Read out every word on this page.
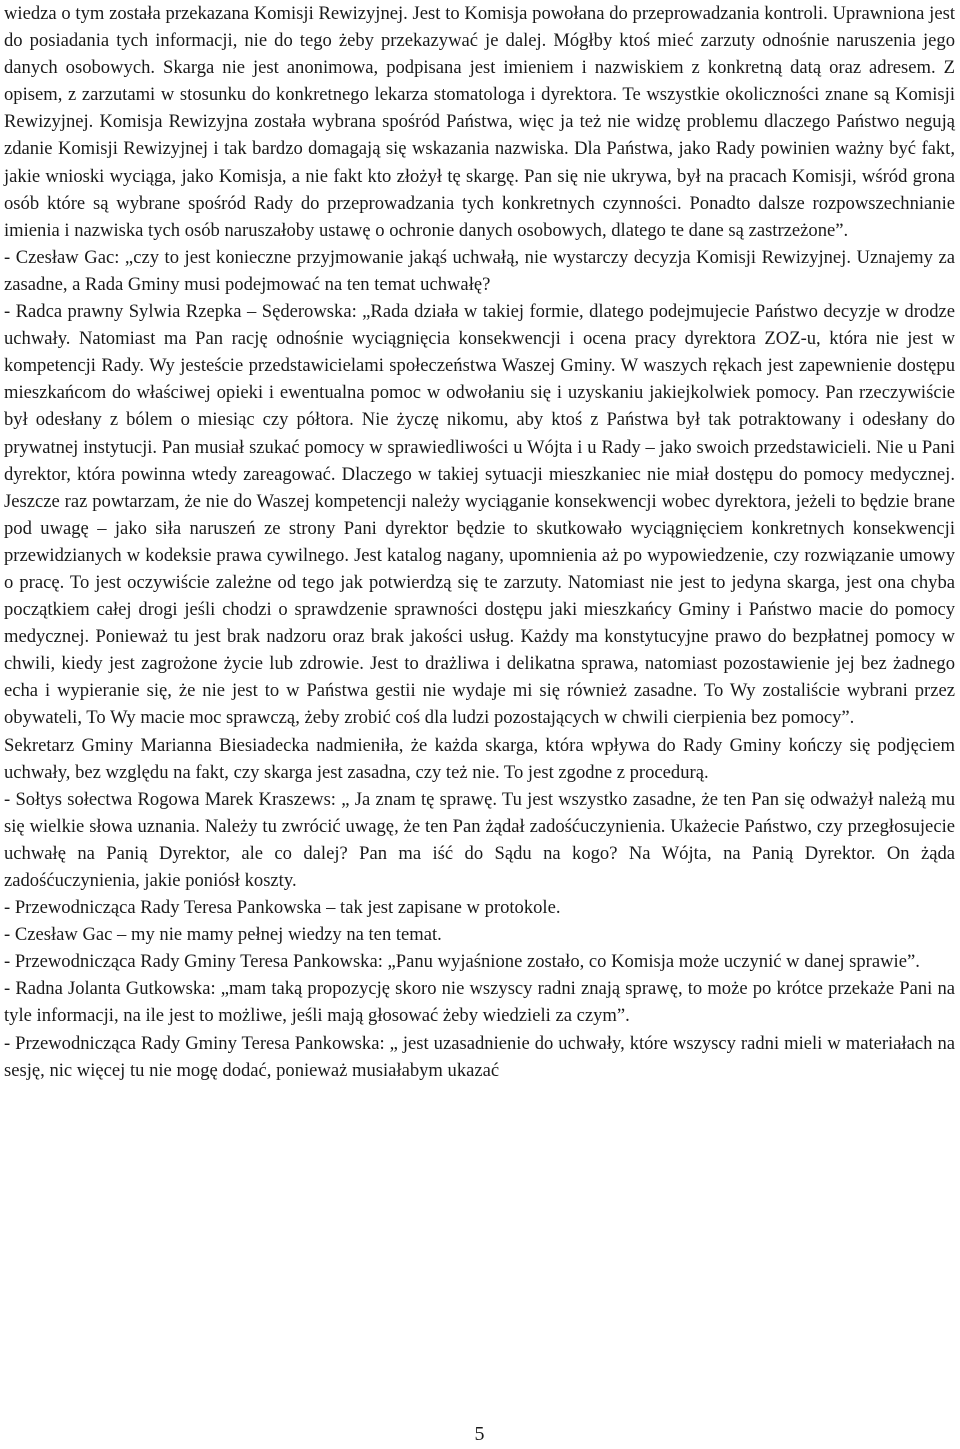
wiedza o tym została przekazana Komisji Rewizyjnej. Jest to Komisja powołana do przeprowadzania kontroli. Uprawniona jest do posiadania tych informacji, nie do tego żeby przekazywać je dalej. Mógłby ktoś mieć zarzuty odnośnie naruszenia jego danych osobowych. Skarga nie jest anonimowa, podpisana jest imieniem i nazwiskiem z konkretną datą oraz adresem. Z opisem, z zarzutami w stosunku do konkretnego lekarza stomatologa i dyrektora. Te wszystkie okoliczności znane są Komisji Rewizyjnej. Komisja Rewizyjna została wybrana spośród Państwa, więc ja też nie widzę problemu dlaczego Państwo negują zdanie Komisji Rewizyjnej i tak bardzo domagają się wskazania nazwiska. Dla Państwa, jako Rady powinien ważny być fakt, jakie wnioski wyciąga, jako Komisja, a nie fakt kto złożył tę skargę. Pan się nie ukrywa, był na pracach Komisji, wśród grona osób które są wybrane spośród Rady do przeprowadzania tych konkretnych czynności. Ponadto dalsze rozpowszechnianie imienia i nazwiska tych osób naruszałoby ustawę o ochronie danych osobowych, dlatego te dane są zastrzeżone”.

- Czesław Gac: „czy to jest konieczne przyjmowanie jakąś uchwałą, nie wystarczy decyzja Komisji Rewizyjnej. Uznajemy za zasadne, a Rada Gminy musi podejmować na ten temat uchwałę?

- Radca prawny Sylwia Rzepka – Sęderowska: „Rada działa w takiej formie, dlatego podejmujecie Państwo decyzje w drodze uchwały. Natomiast ma Pan rację odnośnie wyciągnięcia konsekwencji i ocena pracy dyrektora ZOZ-u, która nie jest w kompetencji Rady. Wy jesteście przedstawicielami społeczeństwa Waszej Gminy. W waszych rękach jest zapewnienie dostępu mieszkańcom do właściwej opieki i ewentualna pomoc w odwołaniu się i uzyskaniu jakiejkolwiek pomocy. Pan rzeczywiście był odesłany z bólem o miesiąc czy półtora. Nie życzę nikomu, aby ktoś z Państwa był tak potraktowany i odesłany do prywatnej instytucji. Pan musiał szukać pomocy w sprawiedliwości u Wójta i u Rady – jako swoich przedstawicieli. Nie u Pani dyrektor, która powinna wtedy zareagować. Dlaczego w takiej sytuacji mieszkaniec nie miał dostępu do pomocy medycznej. Jeszcze raz powtarzam, że nie do Waszej kompetencji należy wyciąganie konsekwencji wobec dyrektora, jeżeli to będzie brane pod uwagę – jako siła naruszeń ze strony Pani dyrektor będzie to skutkowało wyciągnięciem konkretnych konsekwencji przewidzianych w kodeksie prawa cywilnego. Jest katalog nagany, upomnienia aż po wypowiedzenie, czy rozwiązanie umowy o pracę. To jest oczywiście zależne od tego jak potwierdzą się te zarzuty. Natomiast nie jest to jedyna skarga, jest ona chyba początkiem całej drogi jeśli chodzi o sprawdzenie sprawności dostępu jaki mieszkańcy Gminy i Państwo macie do pomocy medycznej. Ponieważ tu jest brak nadzoru oraz brak jakości usług. Każdy ma konstytucyjne prawo do bezpłatnej pomocy w chwili, kiedy jest zagrożone życie lub zdrowie. Jest to drażliwa i delikatna sprawa, natomiast pozostawienie jej bez żadnego echa i wypieranie się, że nie jest to w Państwa gestii nie wydaje mi się również zasadne. To Wy zostaliście wybrani przez obywateli, To Wy macie moc sprawczą, żeby zrobić coś dla ludzi pozostających w chwili cierpienia bez pomocy”.

Sekretarz Gminy Marianna Biesiadecka nadmieniła, że każda skarga, która wpływa do Rady Gminy kończy się podjęciem uchwały, bez względu na fakt, czy skarga jest zasadna, czy też nie. To jest zgodne z procedurą.

- Sołtys sołectwa Rogowa Marek Kraszews: „ Ja znam tę sprawę. Tu jest wszystko zasadne, że ten Pan się odważył należą mu się wielkie słowa uznania. Należy tu zwrócić uwagę, że ten Pan żądał zadośćuczynienia. Ukażecie Państwo, czy przegłosujecie uchwałę na Panią Dyrektor, ale co dalej? Pan ma iść do Sądu na kogo? Na Wójta, na Panią Dyrektor. On żąda zadośćuczynienia, jakie poniósł koszty.

- Przewodnicząca Rady Teresa Pankowska – tak jest zapisane w protokole.

- Czesław Gac – my nie mamy pełnej wiedzy na ten temat.

- Przewodnicząca Rady Gminy Teresa Pankowska: „Panu wyjaśnione zostało, co Komisja może uczynić w danej sprawie”.

- Radna Jolanta Gutkowska: „mam taką propozycję skoro nie wszyscy radni znają sprawę, to może po krótce przekaże Pani na tyle informacji, na ile jest to możliwe, jeśli mają głosować żeby wiedzieli za czym”.

- Przewodnicząca Rady Gminy Teresa Pankowska: „ jest uzasadnienie do uchwały, które wszyscy radni mieli w materiałach na sesję, nic więcej tu nie mogę dodać, ponieważ musiałabym ukazać

5
